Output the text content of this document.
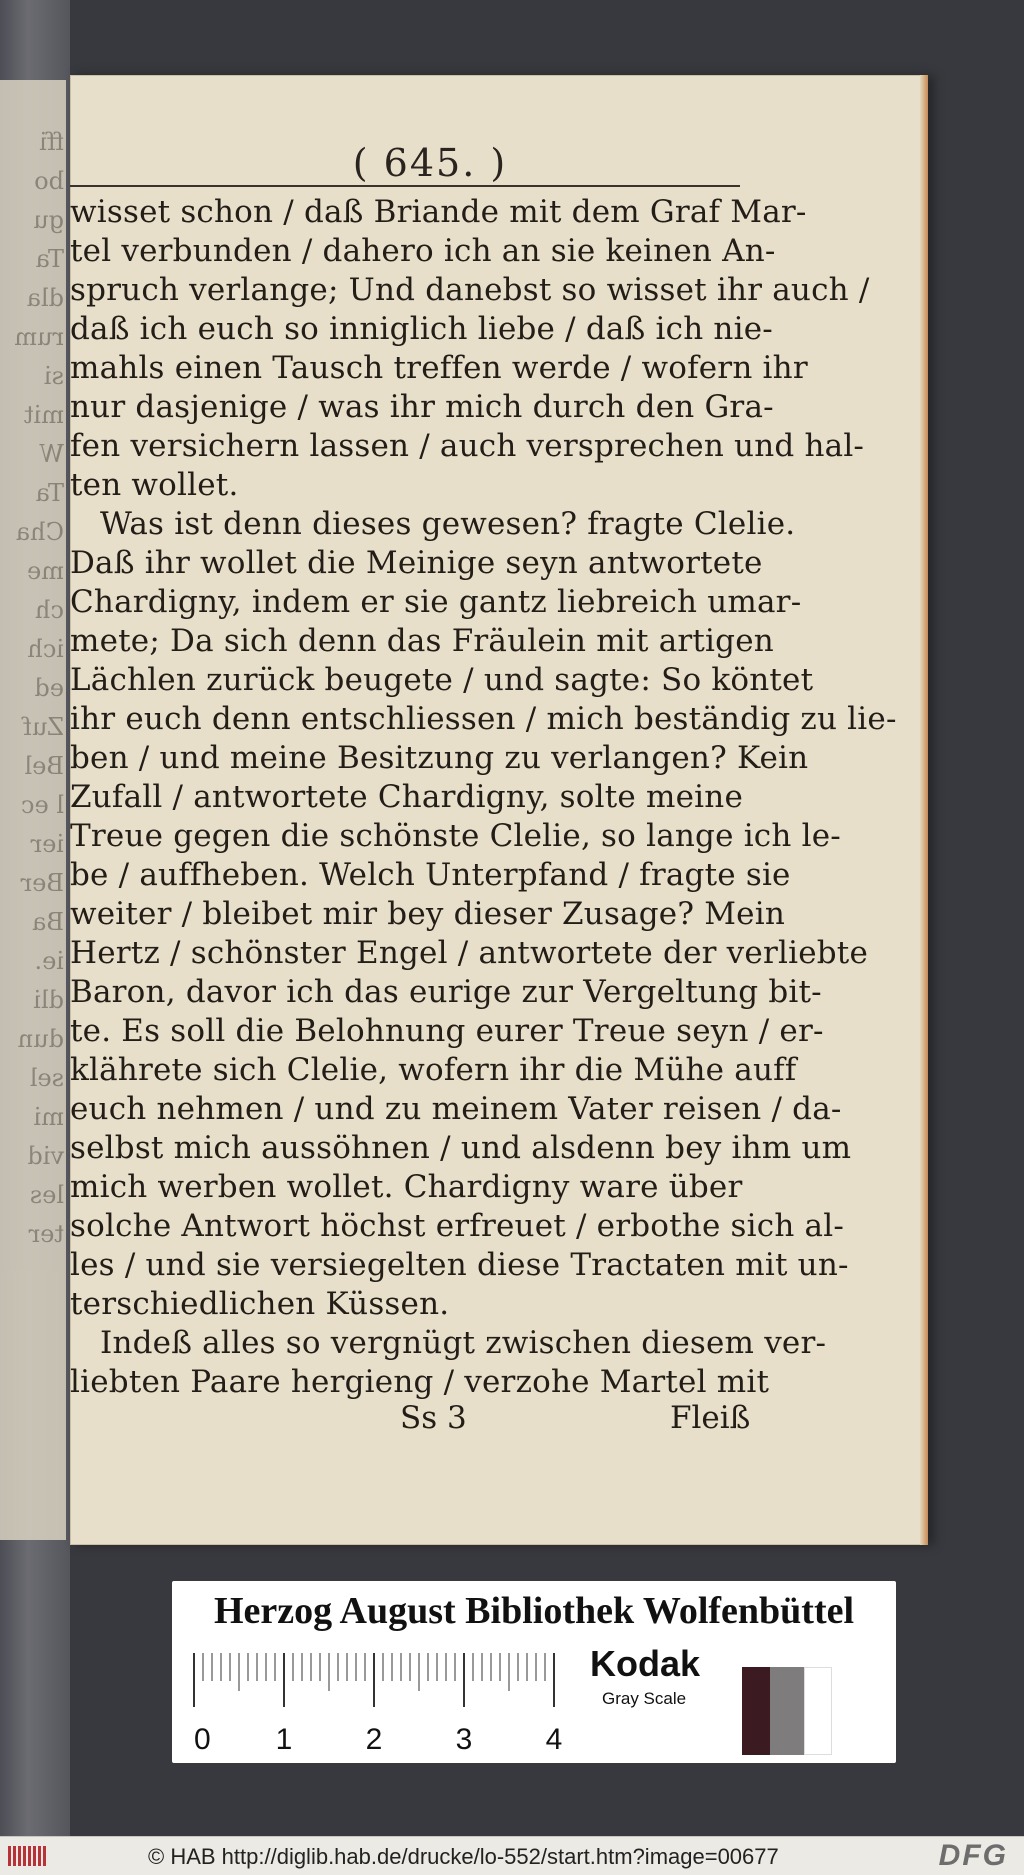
ffi
bo
gu
Ta
dla
rum
si
mit
W
Ta
Cha
me
ch
ich
ed
Zuf
Bel
l ec
ier
Ber
Ba
ie.
dli
dun
sel
mi
vid
les
ter
( 645. )
wisset schon / daß Briande mit dem Graf Mar-
tel verbunden / dahero ich an sie keinen An-
spruch verlange; Und danebst so wisset ihr auch /
daß ich euch so inniglich liebe / daß ich nie-
mahls einen Tausch treffen werde / wofern ihr
nur dasjenige / was ihr mich durch den Gra-
fen versichern lassen / auch versprechen und hal-
ten wollet.
Was ist denn dieses gewesen? fragte Clelie.
Daß ihr wollet die Meinige seyn antwortete
Chardigny, indem er sie gantz liebreich umar-
mete; Da sich denn das Fräulein mit artigen
Lächlen zurück beugete / und sagte: So köntet
ihr euch denn entschliessen / mich beständig zu lie-
ben / und meine Besitzung zu verlangen? Kein
Zufall / antwortete Chardigny, solte meine
Treue gegen die schönste Clelie, so lange ich le-
be / auffheben. Welch Unterpfand / fragte sie
weiter / bleibet mir bey dieser Zusage? Mein
Hertz / schönster Engel / antwortete der verliebte
Baron, davor ich das eurige zur Vergeltung bit-
te. Es soll die Belohnung eurer Treue seyn / er-
klährete sich Clelie, wofern ihr die Mühe auff
euch nehmen / und zu meinem Vater reisen / da-
selbst mich aussöhnen / und alsdenn bey ihm um
mich werben wollet. Chardigny ware über
solche Antwort höchst erfreuet / erbothe sich al-
les / und sie versiegelten diese Tractaten mit un-
terschiedlichen Küssen.
Indeß alles so vergnügt zwischen diesem ver-
liebten Paare hergieng / verzohe Martel mit
Ss 3	Fleiß
Herzog August Bibliothek Wolfenbüttel
0 1 2 3 4
Kodak
Gray Scale
© HAB http://diglib.hab.de/drucke/lo-552/start.htm?image=00677	DFG
